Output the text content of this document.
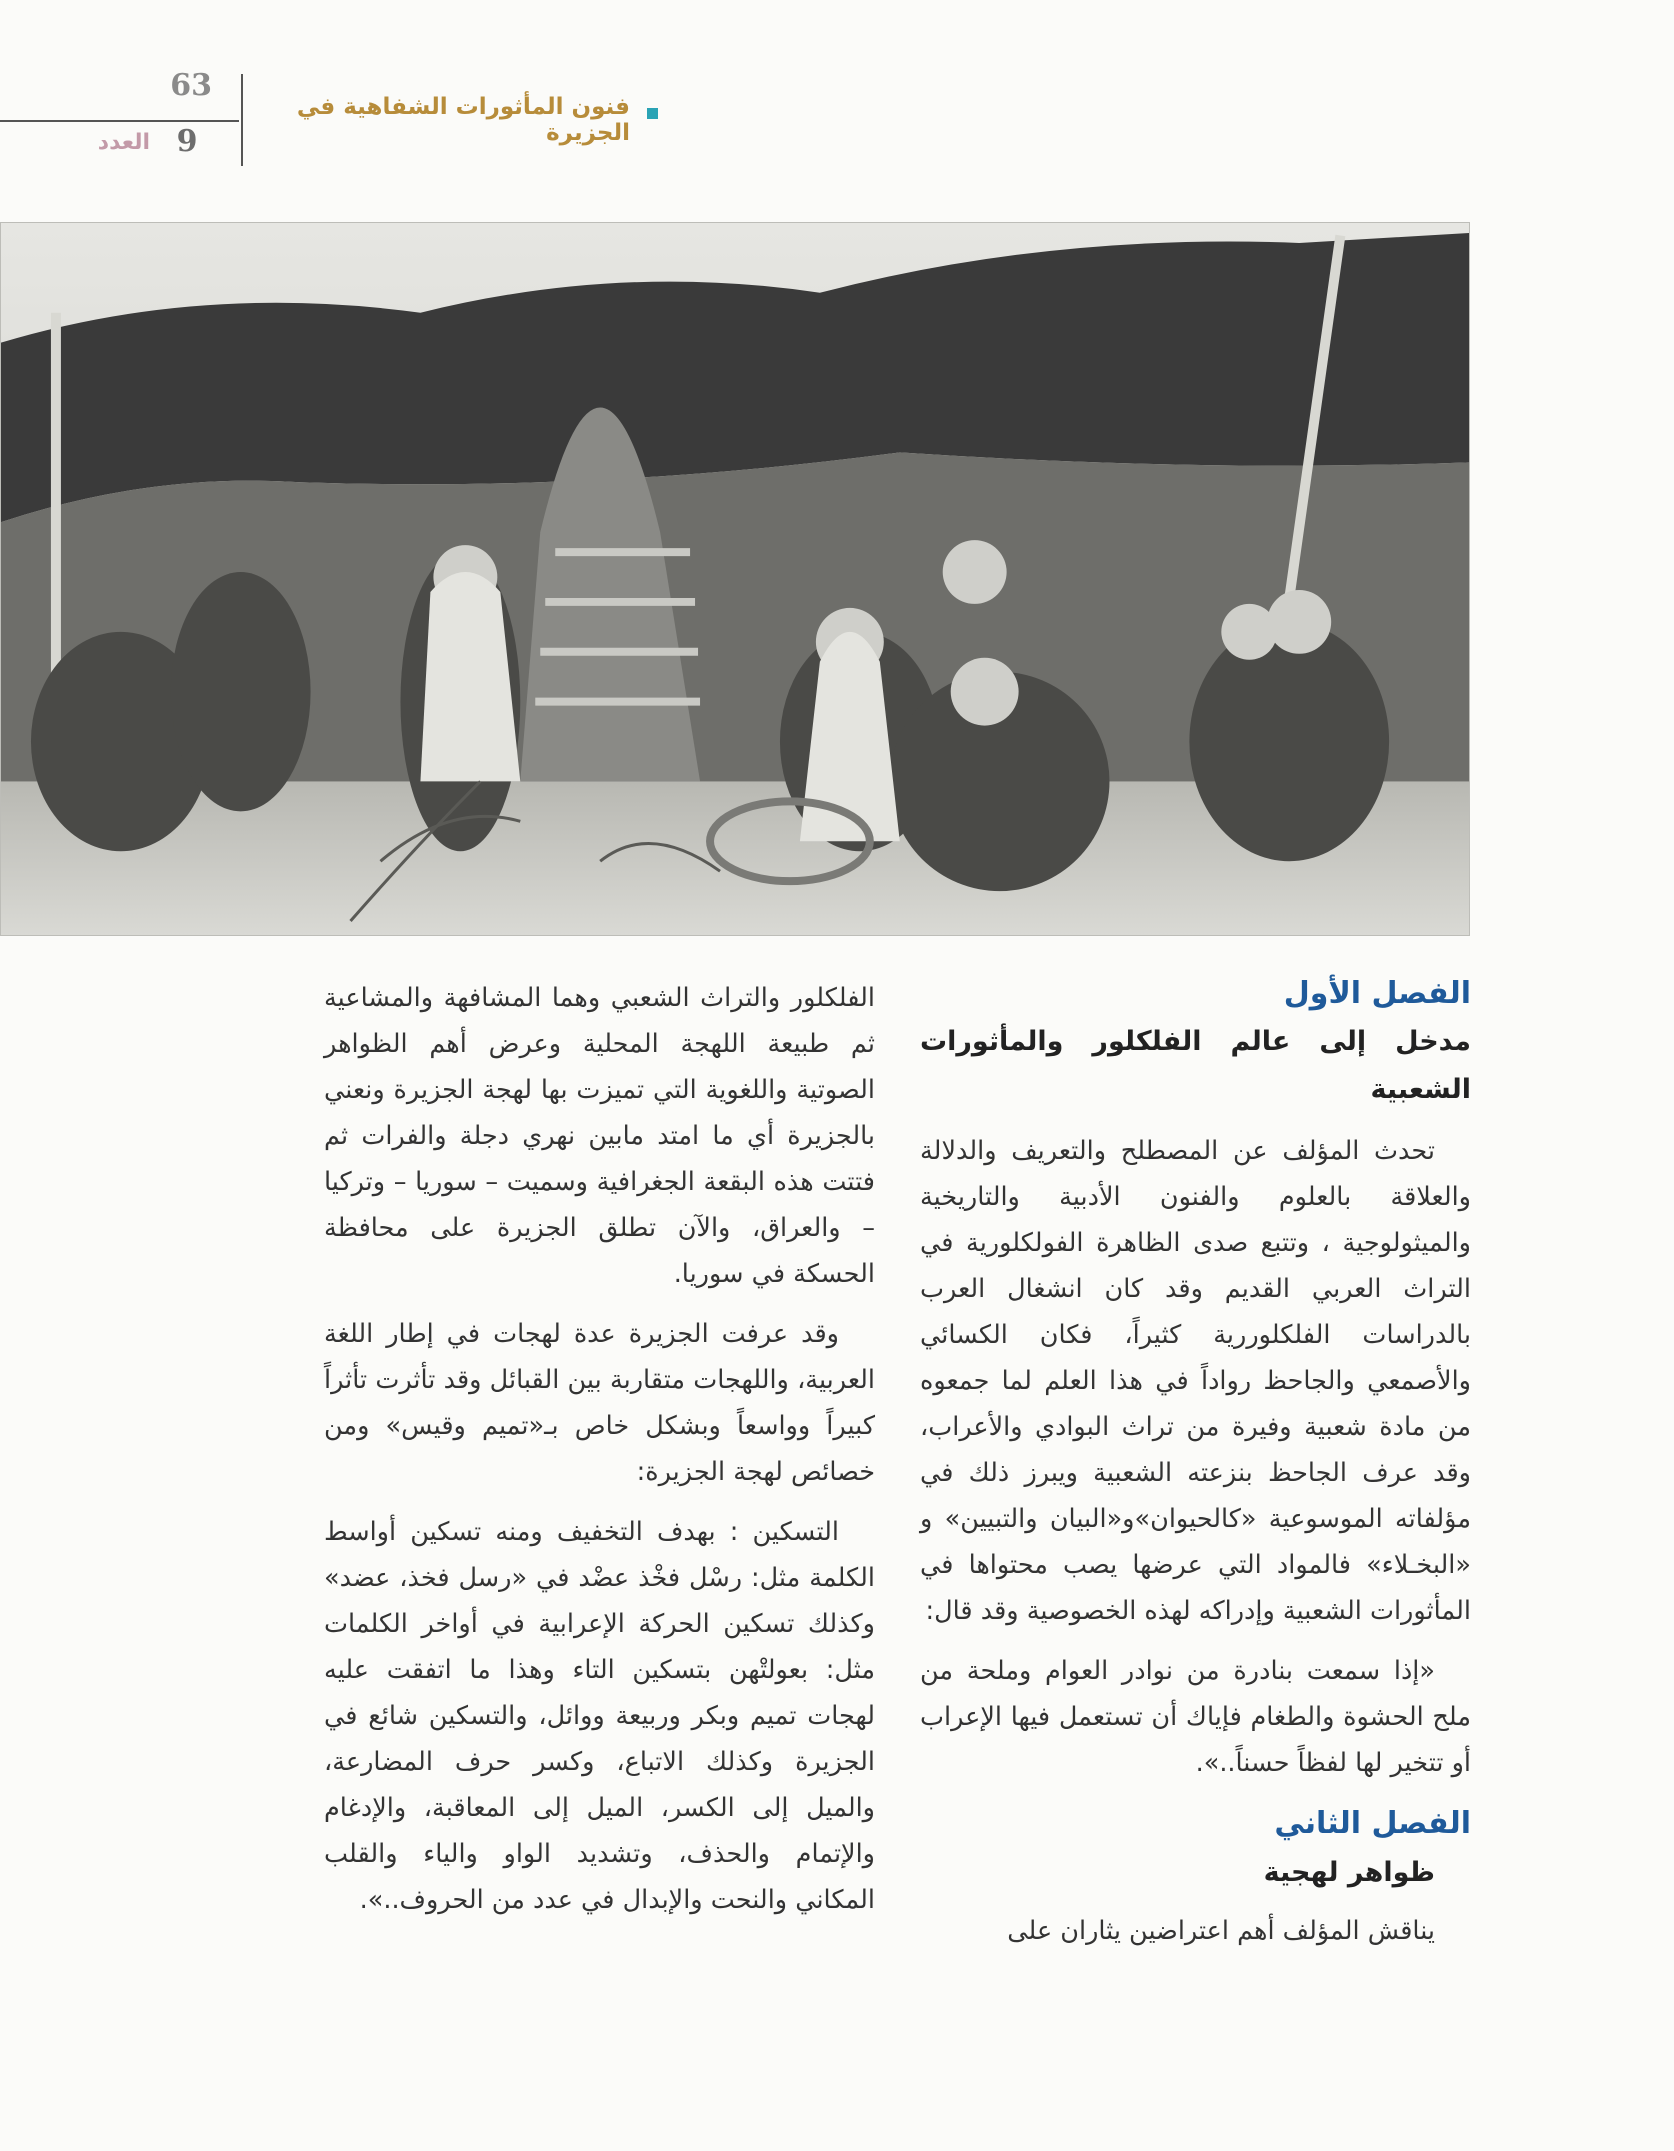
63
9
العدد
فنون المأثورات الشفاهية في الجزيرة
الفصل الأول
مدخل إلى عالم الفلكلور والمأثورات الشعبية

تحدث المؤلف عن المصطلح والتعريف والدلالة والعلاقة بالعلوم والفنون الأدبية والتاريخية والميثولوجية ، وتتبع صدى الظاهرة الفولكلورية في التراث العربي القديم وقد كان انشغال العرب بالدراسات الفلكلوررية كثيراً، فكان الكسائي والأصمعي والجاحظ رواداً في هذا العلم لما جمعوه من مادة شعبية وفيرة من تراث البوادي والأعراب، وقد عرف الجاحظ بنزعته الشعبية ويبرز ذلك في مؤلفاته الموسوعية «كالحيوان»و«البيان والتبيين» و «البخـلاء» فالمواد التي عرضها يصب محتواها في المأثورات الشعبية وإدراكه لهذه الخصوصية وقد قال:

«إذا سمعت بنادرة من نوادر العوام وملحة من ملح الحشوة والطغام فإياك أن تستعمل فيها الإعراب أو تتخير لها لفظاً حسناً..».

الفصل الثاني
ظواهر لهجية

يناقش المؤلف أهم اعتراضين يثاران على

الفلكلور والتراث الشعبي وهما المشافهة والمشاعية ثم طبيعة اللهجة المحلية وعرض أهم الظواهر الصوتية واللغوية التي تميزت بها لهجة الجزيرة ونعني بالجزيرة أي ما امتد مابين نهري دجلة والفرات ثم فتتت هذه البقعة الجغرافية وسميت – سوريا – وتركيا – والعراق، والآن تطلق الجزيرة على محافظة الحسكة في سوريا.

وقد عرفت الجزيرة عدة لهجات في إطار اللغة العربية، واللهجات متقاربة بين القبائل وقد تأثرت تأثراً كبيراً وواسعاً وبشكل خاص بـ«تميم وقيس» ومن خصائص لهجة الجزيرة:

التسكين : بهدف التخفيف ومنه تسكين أواسط الكلمة مثل: رسْل فخْذ عضْد في «رسل فخذ، عضد» وكذلك تسكين الحركة الإعرابية في أواخر الكلمات مثل: بعولتْهن بتسكين التاء وهذا ما اتفقت عليه لهجات تميم وبكر وربيعة ووائل، والتسكين شائع في الجزيرة وكذلك الاتباع، وكسر حرف المضارعة، والميل إلى الكسر، الميل إلى المعاقبة، والإدغام والإتمام والحذف، وتشديد الواو والياء والقلب المكاني والنحت والإبدال في عدد من الحروف..».
